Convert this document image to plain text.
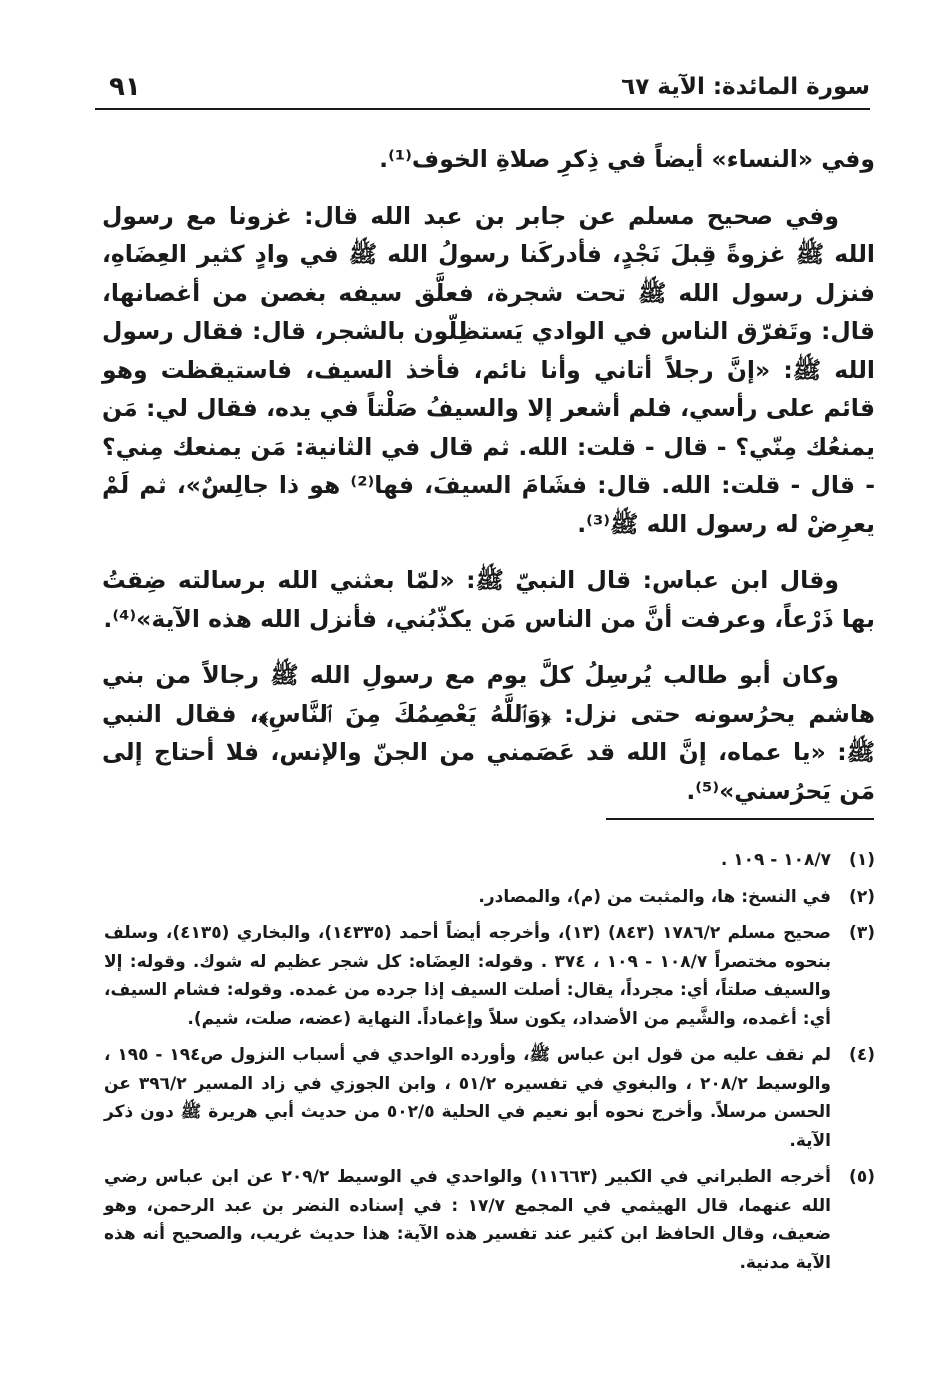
سورة المائدة: الآية ٦٧
٩١

وفي «النساء» أيضاً في ذِكرِ صلاةِ الخوف⁽¹⁾.

وفي صحيح مسلم عن جابر بن عبد الله قال: غزونا مع رسول الله ﷺ غزوةً قِبلَ نَجْدٍ، فأدركَنا رسولُ الله ﷺ في وادٍ كثير العِضَاهِ، فنزل رسول الله ﷺ تحت شجرة، فعلَّق سيفه بغصن من أغصانها، قال: وتَفرّق الناس في الوادي يَستظِلّون بالشجر، قال: فقال رسول الله ﷺ: «إنَّ رجلاً أتاني وأنا نائم، فأخذ السيف، فاستيقظت وهو قائم على رأسي، فلم أشعر إلا والسيفُ صَلْتاً في يده، فقال لي: مَن يمنعُك مِنّي؟ - قال - قلت: الله. ثم قال في الثانية: مَن يمنعك مِني؟ - قال - قلت: الله. قال: فشَامَ السيفَ، فها⁽²⁾ هو ذا جالِسٌ»، ثم لَمْ يعرِضْ له رسول الله ﷺ⁽³⁾.

وقال ابن عباس: قال النبيّ ﷺ: «لمّا بعثني الله برسالته ضِقتُ بها ذَرْعاً، وعرفت أنَّ من الناس مَن يكذّبُني، فأنزل الله هذه الآية»⁽⁴⁾.

وكان أبو طالب يُرسِلُ كلَّ يوم مع رسولِ الله ﷺ رجالاً من بني هاشم يحرُسونه حتى نزل: ﴿وَٱللَّهُ يَعْصِمُكَ مِنَ ٱلنَّاسِ﴾، فقال النبي ﷺ: «يا عماه، إنَّ الله قد عَصَمني من الجنّ والإنس، فلا أحتاج إلى مَن يَحرُسني»⁽⁵⁾.

(١)
١٠٨/٧ - ١٠٩ .
(٢)
في النسخ: ها، والمثبت من (م)، والمصادر.
(٣)
صحيح مسلم ١٧٨٦/٢ (٨٤٣) (١٣)، وأخرجه أيضاً أحمد (١٤٣٣٥)، والبخاري (٤١٣٥)، وسلف بنحوه مختصراً ١٠٨/٧ - ١٠٩ ، ٣٧٤ . وقوله: العِضَاه: كل شجر عظيم له شوك. وقوله: إلا والسيف صلتاً، أي: مجرداً، يقال: أصلت السيف إذا جرده من غمده. وقوله: فشام السيف، أي: أغمده، والشَّيم من الأضداد، يكون سلاً وإغماداً. النهاية (عضه، صلت، شيم).
(٤)
لم نقف عليه من قول ابن عباس ﷺ، وأورده الواحدي في أسباب النزول ص١٩٤ - ١٩٥ ، والوسيط ٢٠٨/٢ ، والبغوي في تفسيره ٥١/٢ ، وابن الجوزي في زاد المسير ٣٩٦/٢ عن الحسن مرسلاً. وأخرج نحوه أبو نعيم في الحلية ٥٠٢/٥ من حديث أبي هريرة ﷺ دون ذكر الآية.
(٥)
أخرجه الطبراني في الكبير (١١٦٦٣) والواحدي في الوسيط ٢٠٩/٢ عن ابن عباس رضي الله عنهما، قال الهيثمي في المجمع ١٧/٧ : في إسناده النضر بن عبد الرحمن، وهو ضعيف، وقال الحافظ ابن كثير عند تفسير هذه الآية: هذا حديث غريب، والصحيح أنه هذه الآية مدنية.
